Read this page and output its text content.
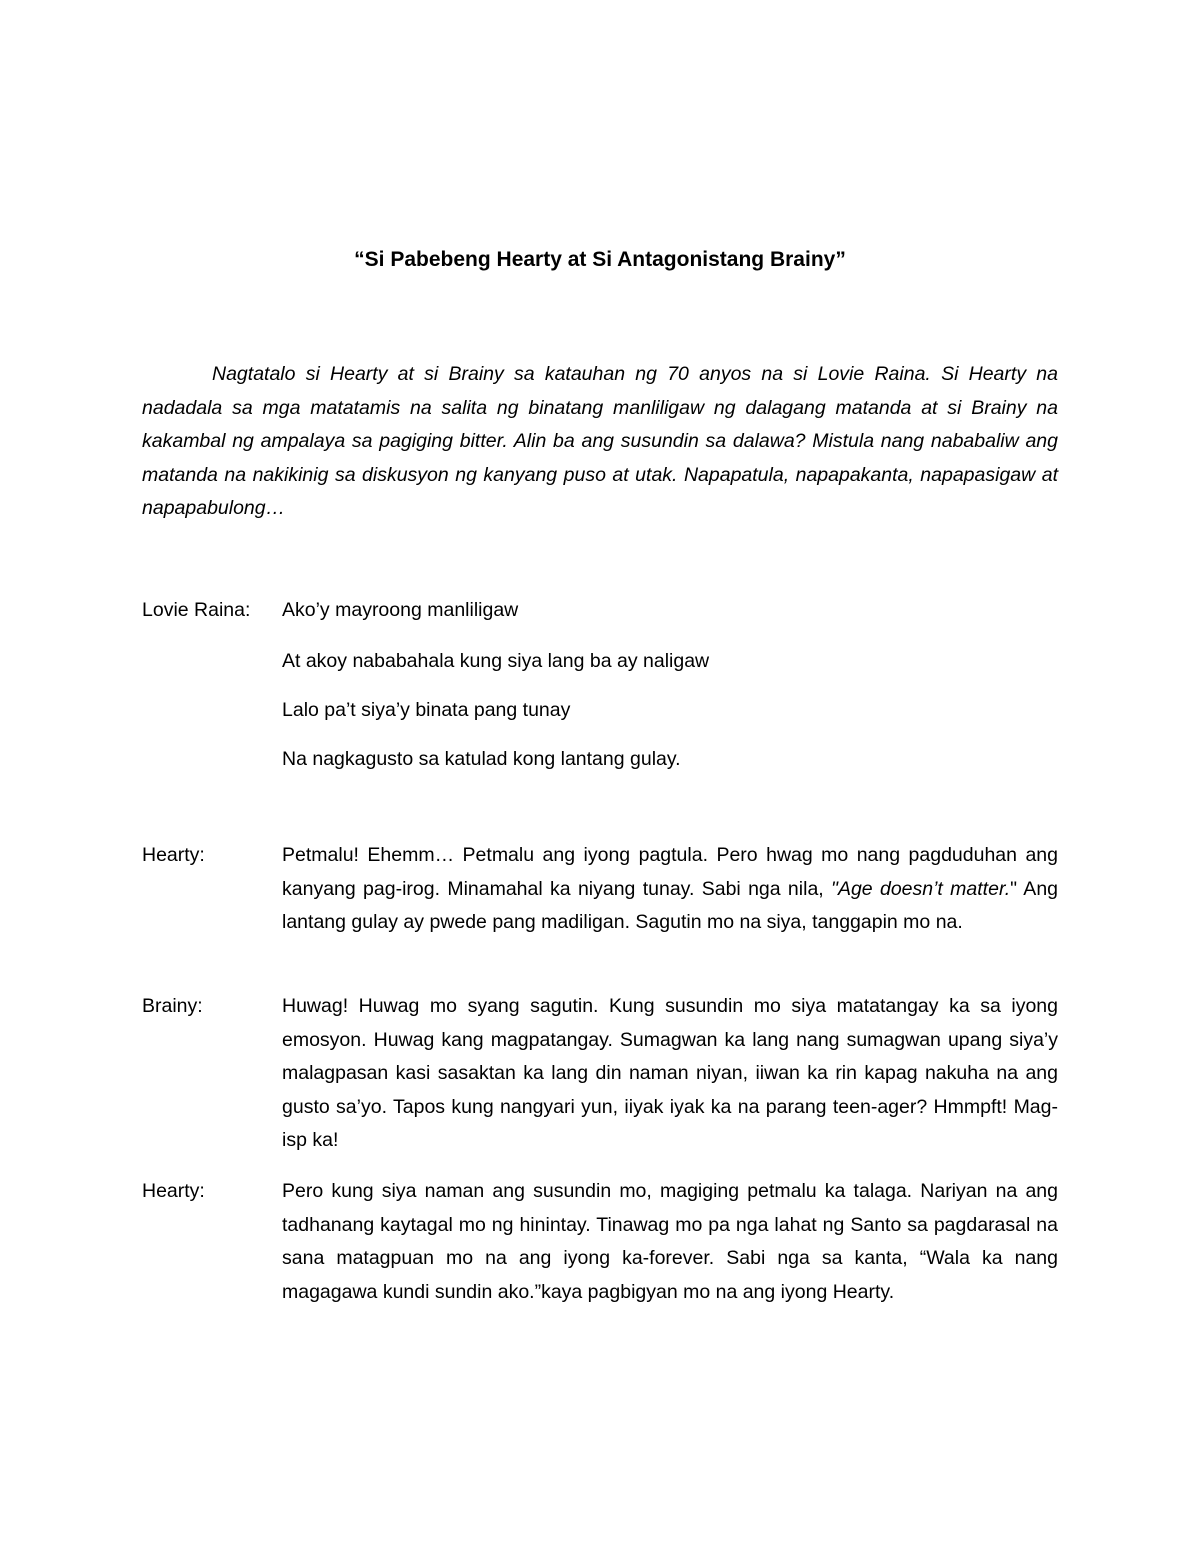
“Si Pabebeng Hearty at Si Antagonistang Brainy”

Nagtatalo si Hearty at si Brainy sa katauhan ng 70 anyos na si Lovie Raina. Si Hearty na nadadala sa mga matatamis na salita ng binatang manliligaw ng dalagang matanda at si Brainy na kakambal ng ampalaya sa pagiging bitter. Alin ba ang susundin sa dalawa? Mistula nang nababaliw ang matanda na nakikinig sa diskusyon ng kanyang puso at utak. Napapatula, napapakanta, napapasigaw at napapabulong…

Lovie Raina: Ako’y mayroong manliligaw
At akoy nababahala kung siya lang ba ay naligaw
Lalo pa’t siya’y binata pang tunay
Na nagkagusto sa katulad kong lantang gulay.
Hearty:	Petmalu! Ehemm… Petmalu ang iyong pagtula. Pero hwag mo nang pagduduhan ang kanyang pag-irog. Minamahal ka niyang tunay. Sabi nga nila, "Age doesn’t matter." Ang lantang gulay ay pwede pang madiligan. Sagutin mo na siya, tanggapin mo na.

Brainy:	Huwag! Huwag mo syang sagutin. Kung susundin mo siya matatangay ka sa iyong emosyon. Huwag kang magpatangay. Sumagwan ka lang nang sumagwan upang siya’y malagpasan kasi sasaktan ka lang din naman niyan, iiwan ka rin kapag nakuha na ang gusto sa’yo. Tapos kung nangyari yun, iiyak iyak ka na parang teen-ager? Hmmpft! Mag-isp ka!

Hearty:	Pero kung siya naman ang susundin mo, magiging petmalu ka talaga. Nariyan na ang tadhanang kaytagal mo ng hinintay. Tinawag mo pa nga lahat ng Santo sa pagdarasal na sana matagpuan mo na ang iyong ka-forever. Sabi nga sa kanta, “Wala ka nang magagawa kundi sundin ako.”kaya pagbigyan mo na ang iyong Hearty.
